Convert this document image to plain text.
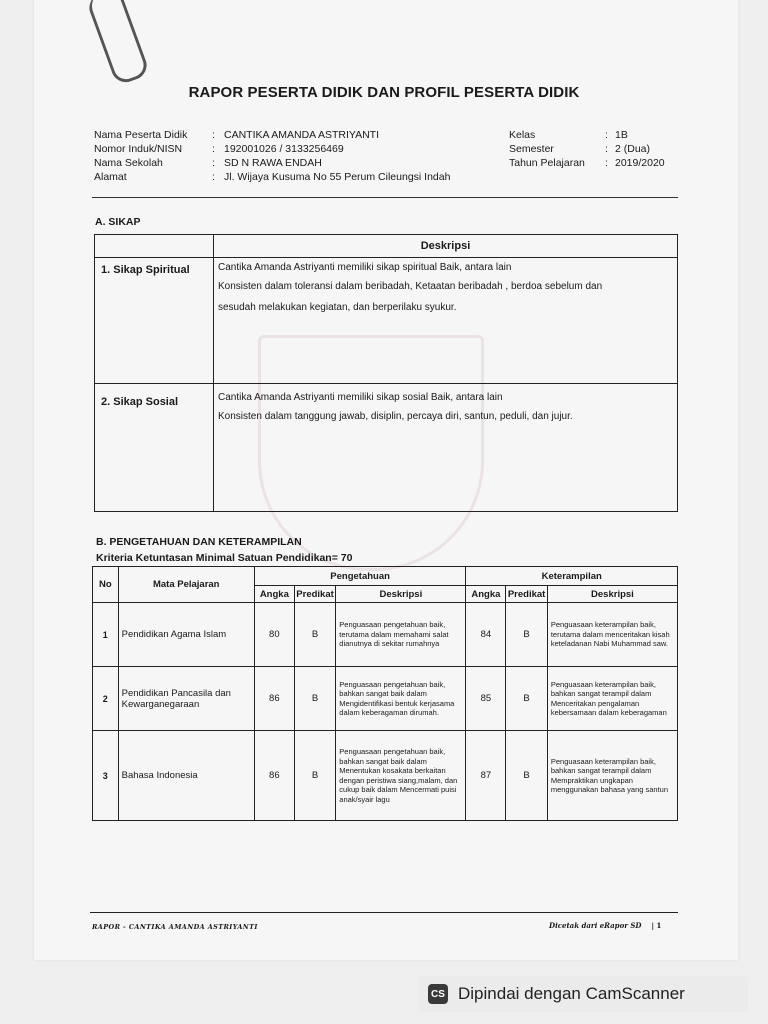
RAPOR PESERTA DIDIK DAN PROFIL PESERTA DIDIK
Nama Peserta Didik	: CANTIKA AMANDA ASTRIYANTI
Nomor Induk/NISN	: 192001026 / 3133256469
Nama Sekolah	: SD N RAWA ENDAH
Alamat	: Jl. Wijaya Kusuma No 55 Perum Cileungsi Indah
Kelas	: 1B
Semester	: 2 (Dua)
Tahun Pelajaran	: 2019/2020
A. SIKAP
	Deskripsi
1. Sikap Spiritual	Cantika Amanda Astriyanti memiliki sikap spiritual Baik, antara lain
Konsisten dalam toleransi dalam beribadah, Ketaatan beribadah , berdoa sebelum dan
sesudah melakukan kegiatan, dan berperilaku syukur.

2. Sikap Sosial	Cantika Amanda Astriyanti memiliki sikap sosial Baik, antara lain
Konsisten dalam tanggung jawab, disiplin, percaya diri, santun, peduli, dan jujur.
B. PENGETAHUAN DAN KETERAMPILAN
Kriteria Ketuntasan Minimal Satuan Pendidikan= 70
No	Mata Pelajaran	Pengetahuan			Keterampilan		
		Angka	Predikat	Deskripsi	Angka	Predikat	Deskripsi
1	Pendidikan Agama Islam	80	B	Penguasaan pengetahuan baik, terutama dalam memahami salat dianutnya di sekitar rumahnya	84	B	Penguasaan keterampilan baik, terutama dalam menceritakan kisah keteladanan Nabi Muhammad saw.
2	Pendidikan Pancasila dan Kewarganegaraan	86	B	Penguasaan pengetahuan baik, bahkan sangat baik dalam Mengidentifikasi bentuk kerjasama dalam keberagaman dirumah.	85	B	Penguasaan keterampilan baik, bahkan sangat terampil dalam Menceritakan pengalaman kebersamaan dalam keberagaman
3	Bahasa Indonesia	86	B	Penguasaan pengetahuan baik, bahkan sangat baik dalam Menentukan kosakata berkaitan dengan peristiwa siang,malam, dan cukup baik dalam Mencermati puisi anak/syair lagu	87	B	Penguasaan keterampilan baik, bahkan sangat terampil dalam Mempraktikan ungkapan menggunakan bahasa yang santun
RAPOR - CANTIKA AMANDA ASTRIYANTI	Dicetak dari eRapor SD | 1
CS Dipindai dengan CamScanner
